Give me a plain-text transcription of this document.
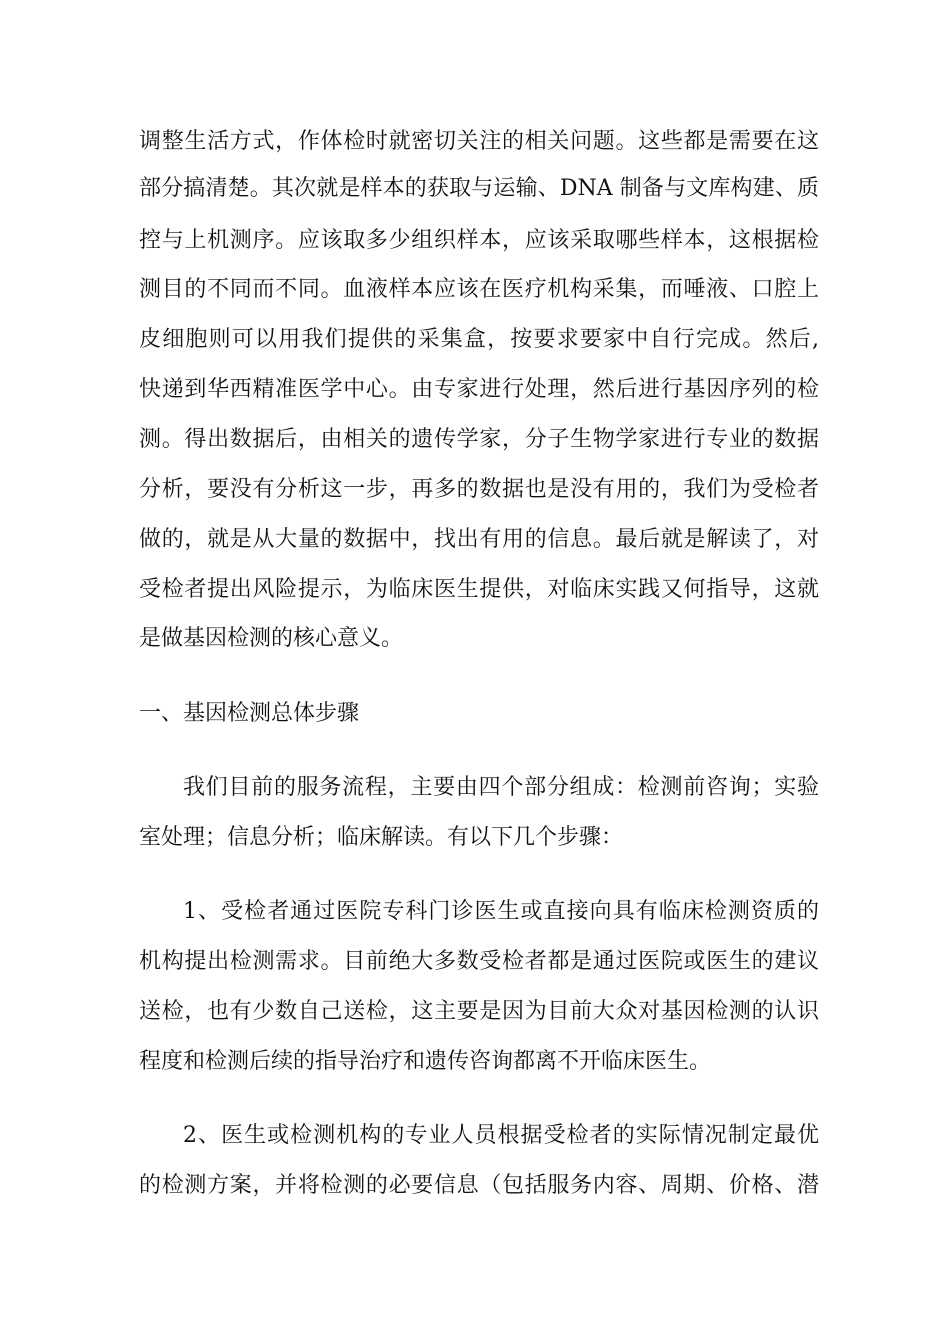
调整生活方式，作体检时就密切关注的相关问题。这些都是需要在这
部分搞清楚。其次就是样本的获取与运输、DNA 制备与文库构建、质
控与上机测序。应该取多少组织样本，应该采取哪些样本，这根据检
测目的不同而不同。血液样本应该在医疗机构采集，而唾液、口腔上
皮细胞则可以用我们提供的采集盒，按要求要家中自行完成。然后,
快递到华西精准医学中心。由专家进行处理，然后进行基因序列的检
测。得出数据后，由相关的遗传学家，分子生物学家进行专业的数据
分析，要没有分析这一步，再多的数据也是没有用的，我们为受检者
做的，就是从大量的数据中，找出有用的信息。最后就是解读了，对
受检者提出风险提示，为临床医生提供，对临床实践又何指导，这就
是做基因检测的核心意义。
一、基因检测总体步骤
我们目前的服务流程，主要由四个部分组成：检测前咨询；实验
室处理；信息分析；临床解读。有以下几个步骤：
1、受检者通过医院专科门诊医生或直接向具有临床检测资质的
机构提出检测需求。目前绝大多数受检者都是通过医院或医生的建议
送检，也有少数自己送检，这主要是因为目前大众对基因检测的认识
程度和检测后续的指导治疗和遗传咨询都离不开临床医生。
2、医生或检测机构的专业人员根据受检者的实际情况制定最优
的检测方案，并将检测的必要信息（包括服务内容、周期、价格、潜
